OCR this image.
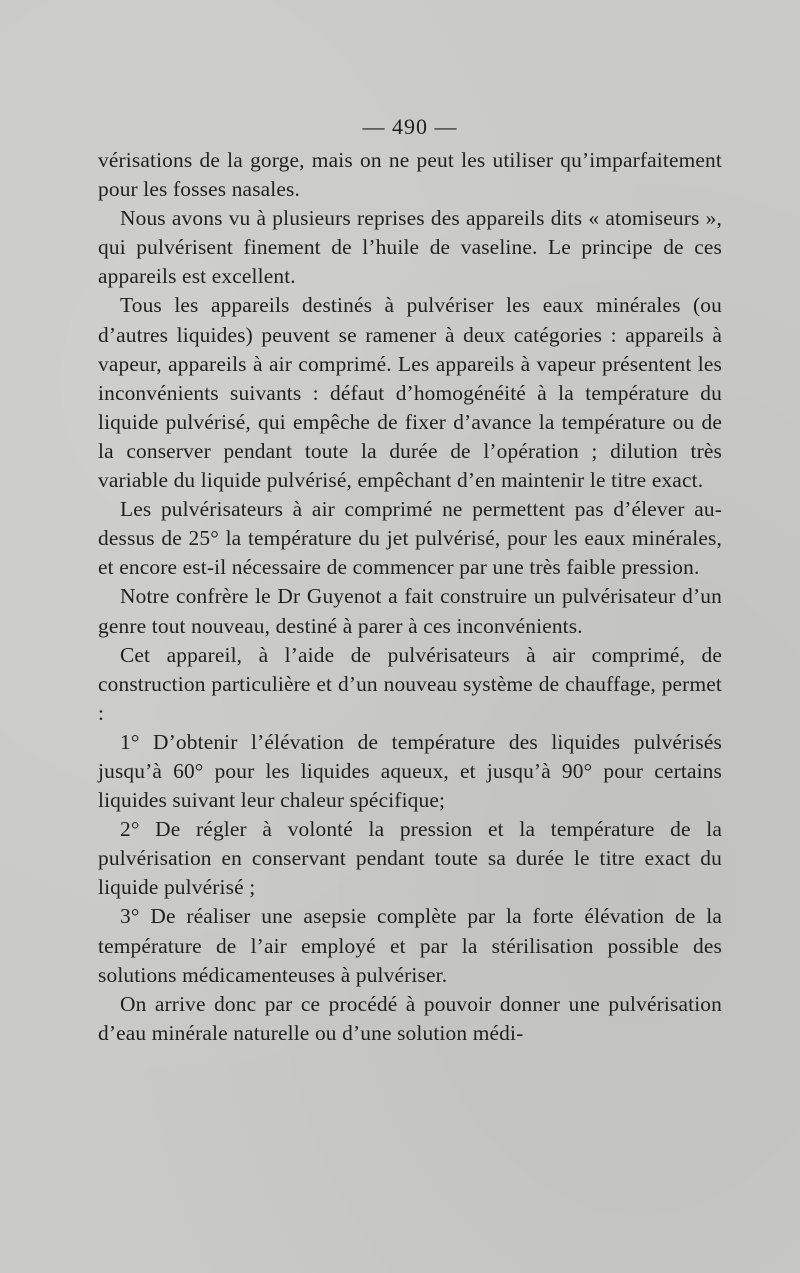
— 490 —

vérisations de la gorge, mais on ne peut les utiliser qu’imparfaitement pour les fosses nasales.

Nous avons vu à plusieurs reprises des appareils dits « atomiseurs », qui pulvérisent finement de l’huile de vaseline. Le principe de ces appareils est excellent.

Tous les appareils destinés à pulvériser les eaux minérales (ou d’autres liquides) peuvent se ramener à deux catégories : appareils à vapeur, appareils à air comprimé. Les appareils à vapeur présentent les inconvénients suivants : défaut d’homogénéité à la température du liquide pulvérisé, qui empêche de fixer d’avance la température ou de la conserver pendant toute la durée de l’opération ; dilution très variable du liquide pulvérisé, empêchant d’en maintenir le titre exact.

Les pulvérisateurs à air comprimé ne permettent pas d’élever au-dessus de 25° la température du jet pulvérisé, pour les eaux minérales, et encore est-il nécessaire de commencer par une très faible pression.

Notre confrère le Dr Guyenot a fait construire un pulvérisateur d’un genre tout nouveau, destiné à parer à ces inconvénients.

Cet appareil, à l’aide de pulvérisateurs à air comprimé, de construction particulière et d’un nouveau système de chauffage, permet :

1° D’obtenir l’élévation de température des liquides pulvérisés jusqu’à 60° pour les liquides aqueux, et jusqu’à 90° pour certains liquides suivant leur chaleur spécifique;

2° De régler à volonté la pression et la température de la pulvérisation en conservant pendant toute sa durée le titre exact du liquide pulvérisé ;

3° De réaliser une asepsie complète par la forte élévation de la température de l’air employé et par la stérilisation possible des solutions médicamenteuses à pulvériser.

On arrive donc par ce procédé à pouvoir donner une pulvérisation d’eau minérale naturelle ou d’une solution médi-
